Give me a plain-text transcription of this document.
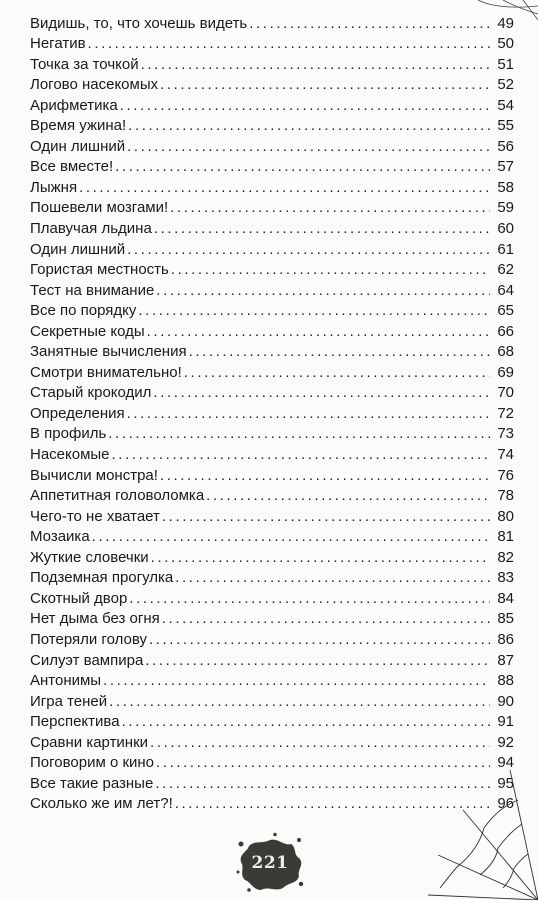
Видишь, то, что хочешь видеть .....	49
Негатив .....	50
Точка за точкой .....	51
Логово насекомых .....	52
Арифметика .....	54
Время ужина! .....	55
Один лишний .....	56
Все вместе! .....	57
Лыжня .....	58
Пошевели мозгами! .....	59
Плавучая льдина .....	60
Один лишний .....	61
Гористая местность .....	62
Тест на внимание .....	64
Все по порядку .....	65
Секретные коды .....	66
Занятные вычисления .....	68
Смотри внимательно! .....	69
Старый крокодил .....	70
Определения .....	72
В профиль .....	73
Насекомые .....	74
Вычисли монстра! .....	76
Аппетитная головоломка .....	78
Чего-то не хватает .....	80
Мозаика .....	81
Жуткие словечки .....	82
Подземная прогулка .....	83
Скотный двор .....	84
Нет дыма без огня .....	85
Потеряли голову .....	86
Силуэт вампира .....	87
Антонимы .....	88
Игра теней .....	90
Перспектива .....	91
Сравни картинки .....	92
Поговорим о кино .....	94
Все такие разные .....	95
Сколько же им лет?! .....	96
221
